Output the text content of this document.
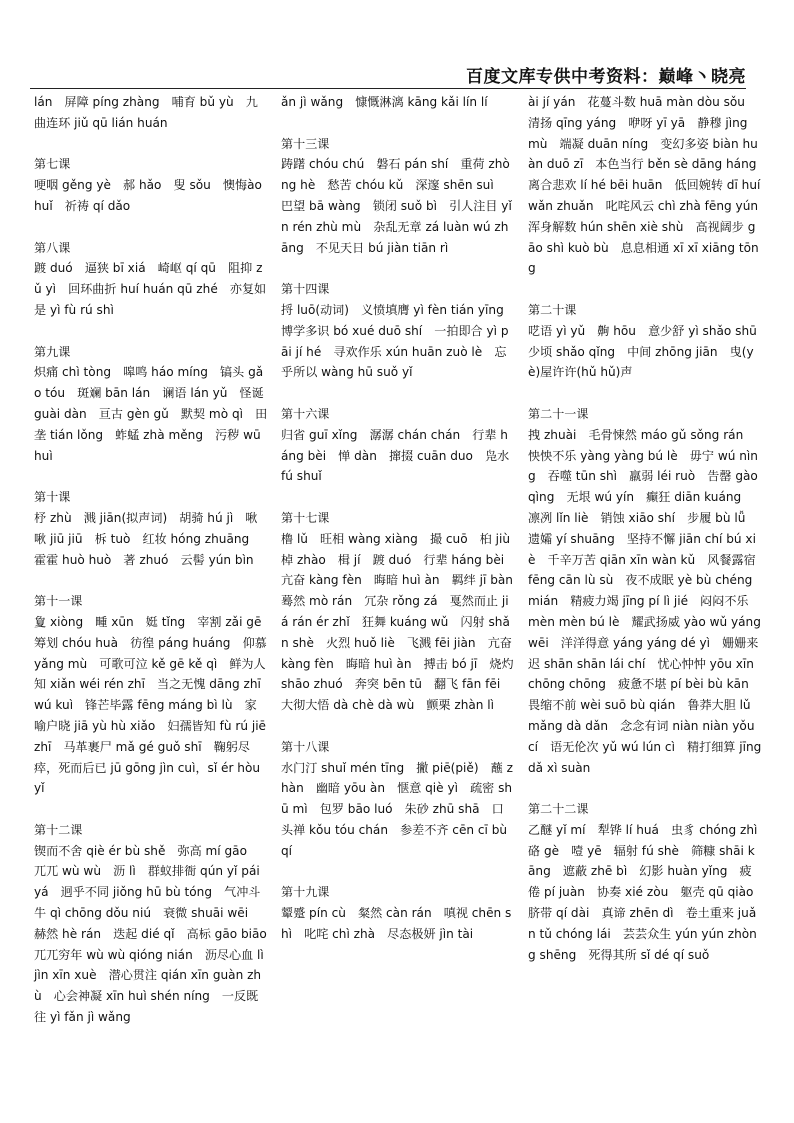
百度文库专供中考资料：巅峰丶晓亮

lán　屏障 píng zhàng　哺育 bǔ yù　九曲连环 jiǔ qū lián huán

第七课

哽咽 gěng yè　郝 hǎo　叟 sǒu　懊悔ào huǐ　祈祷 qí dǎo

第八课

踱 duó　逼狭 bī xiá　崎岖 qí qū　阻抑 zǔ yì　回环曲折 huí huán qū zhé　亦复如是 yì fù rú shì

第九课

炽痛 chì tòng　嗥鸣 háo míng　镐头 gǎo tóu　斑斓 bān lán　谰语 lán yǔ　怪诞 guài dàn　亘古 gèn gǔ　默契 mò qì　田垄 tián lǒng　蚱蜢 zhà měng　污秽 wū huì

第十课

杼 zhù　溅 jiān(拟声词)　胡骑 hú jì　啾啾 jiū jiū　柝 tuò　红妆 hóng zhuāng　霍霍 huò huò　著 zhuó　云髻 yún bìn

第十一课

夐 xiòng　畽 xūn　娗 tǐng　宰割 zǎi gē　筹划 chóu huà　彷徨 páng huáng　仰慕 yǎng mù　可歌可泣 kě gē kě qì　鲜为人知 xiǎn wéi rén zhī　当之无愧 dāng zhī wú kuì　锋芒毕露 fēng máng bì lù　家喻户晓 jiā yù hù xiǎo　妇孺皆知 fù rú jiē zhī　马革裹尸 mǎ gé guǒ shī　鞠躬尽瘁，死而后已 jū gōng jìn cuì，sǐ ér hòu yǐ

第十二课

锲而不舍 qiè ér bù shě　弥高 mí gāo　兀兀 wù wù　沥 lì　群蚁排衙 qún yǐ pái yá　迥乎不同 jiǒng hū bù tóng　气冲斗牛 qì chōng dǒu niú　衰微 shuāi wēi　赫然 hè rán　迭起 dié qǐ　高标 gāo biāo　兀兀穷年 wù wù qióng nián　沥尽心血 lì jìn xīn xuè　潜心贯注 qián xīn guàn zhù　心会神凝 xīn huì shén níng　一反既往 yì fǎn jì wǎng

ǎn jì wǎng　慷慨淋漓 kāng kǎi lín lí

第十三课

踌躇 chóu chú　磐石 pán shí　重荷 zhòng hè　愁苦 chóu kǔ　深邃 shēn suì　巴望 bā wàng　锁闭 suǒ bì　引人注目 yǐn rén zhù mù　杂乱无章 zá luàn wú zhāng　不见天日 bú jiàn tiān rì

第十四课

捋 luō(动词)　义愤填膺 yì fèn tián yīng　博学多识 bó xué duō shí　一拍即合 yì pāi jí hé　寻欢作乐 xún huān zuò lè　忘乎所以 wàng hū suǒ yǐ

第十六课

归省 guī xǐng　潺潺 chán chán　行辈 háng bèi　惮 dàn　撺掇 cuān duo　凫水 fú shuǐ

第十七课

橹 lǔ　旺相 wàng xiàng　撮 cuō　桕 jiù　棹 zhào　楫 jí　踱 duó　行辈 háng bèi　亢奋 kàng fèn　晦暗 huì àn　羁绊 jī bàn　蓦然 mò rán　冗杂 rǒng zá　戛然而止 jiá rán ér zhǐ　狂舞 kuáng wǔ　闪射 shǎn shè　火烈 huǒ liè　飞溅 fēi jiàn　亢奋 kàng fèn　晦暗 huì àn　搏击 bó jī　烧灼 shāo zhuó　奔突 bēn tū　翻飞 fān fēi　大彻大悟 dà chè dà wù　颤栗 zhàn lì

第十八课

水门汀 shuǐ mén tīng　撇 piē(piě)　蘸 zhàn　幽暗 yōu àn　惬意 qiè yì　疏密 shū mì　包罗 bāo luó　朱砂 zhū shā　口头禅 kǒu tóu chán　参差不齐 cēn cī bù qí

第十九课

颦蹙 pín cù　粲然 càn rán　嗔视 chēn shì　叱咤 chì zhà　尽态极妍 jìn tài

ài jí yán　花蔓斗数 huā màn dòu sǒu　清扬 qīng yáng　咿呀 yī yā　静穆 jìng mù　端凝 duān níng　变幻多姿 biàn huàn duō zī　本色当行 běn sè dāng háng　离合悲欢 lí hé bēi huān　低回婉转 dī huí wǎn zhuǎn　叱咤风云 chì zhà fēng yún　浑身解数 hún shēn xiè shù　高视阔步 gāo shì kuò bù　息息相通 xī xī xiāng tōng

第二十课

呓语 yì yǔ　齁 hōu　意少舒 yì shǎo shū　少顷 shǎo qǐng　中间 zhōng jiān　曳(yè)屋许许(hǔ hǔ)声

第二十一课

拽 zhuài　毛骨悚然 máo gǔ sǒng rán　怏怏不乐 yàng yàng bú lè　毋宁 wú nìng　吞噬 tūn shì　羸弱 léi ruò　告罄 gào qìng　无垠 wú yín　癫狂 diān kuáng　凛冽 lǐn liè　销蚀 xiāo shí　步履 bù lǚ　遗孀 yí shuāng　坚持不懈 jiān chí bú xiè　千辛万苦 qiān xīn wàn kǔ　风餐露宿 fēng cān lù sù　夜不成眠 yè bù chéng mián　精疲力竭 jīng pí lì jié　闷闷不乐 mèn mèn bú lè　耀武扬威 yào wǔ yáng wēi　洋洋得意 yáng yáng dé yì　姗姗来迟 shān shān lái chí　忧心忡忡 yōu xīn chōng chōng　疲惫不堪 pí bèi bù kān　畏缩不前 wèi suō bù qián　鲁莽大胆 lǔ mǎng dà dǎn　念念有词 niàn niàn yǒu cí　语无伦次 yǔ wú lún cì　精打细算 jīng dǎ xì suàn

第二十二课

乙醚 yǐ mí　犁铧 lí huá　虫豸 chóng zhì　硌 gè　噎 yē　辐射 fú shè　筛糠 shāi kāng　遮蔽 zhē bì　幻影 huàn yǐng　疲倦 pí juàn　协奏 xié zòu　躯壳 qū qiào　脐带 qí dài　真谛 zhēn dì　卷土重来 juǎn tǔ chóng lái　芸芸众生 yún yún zhòng shēng　死得其所 sǐ dé qí suǒ
